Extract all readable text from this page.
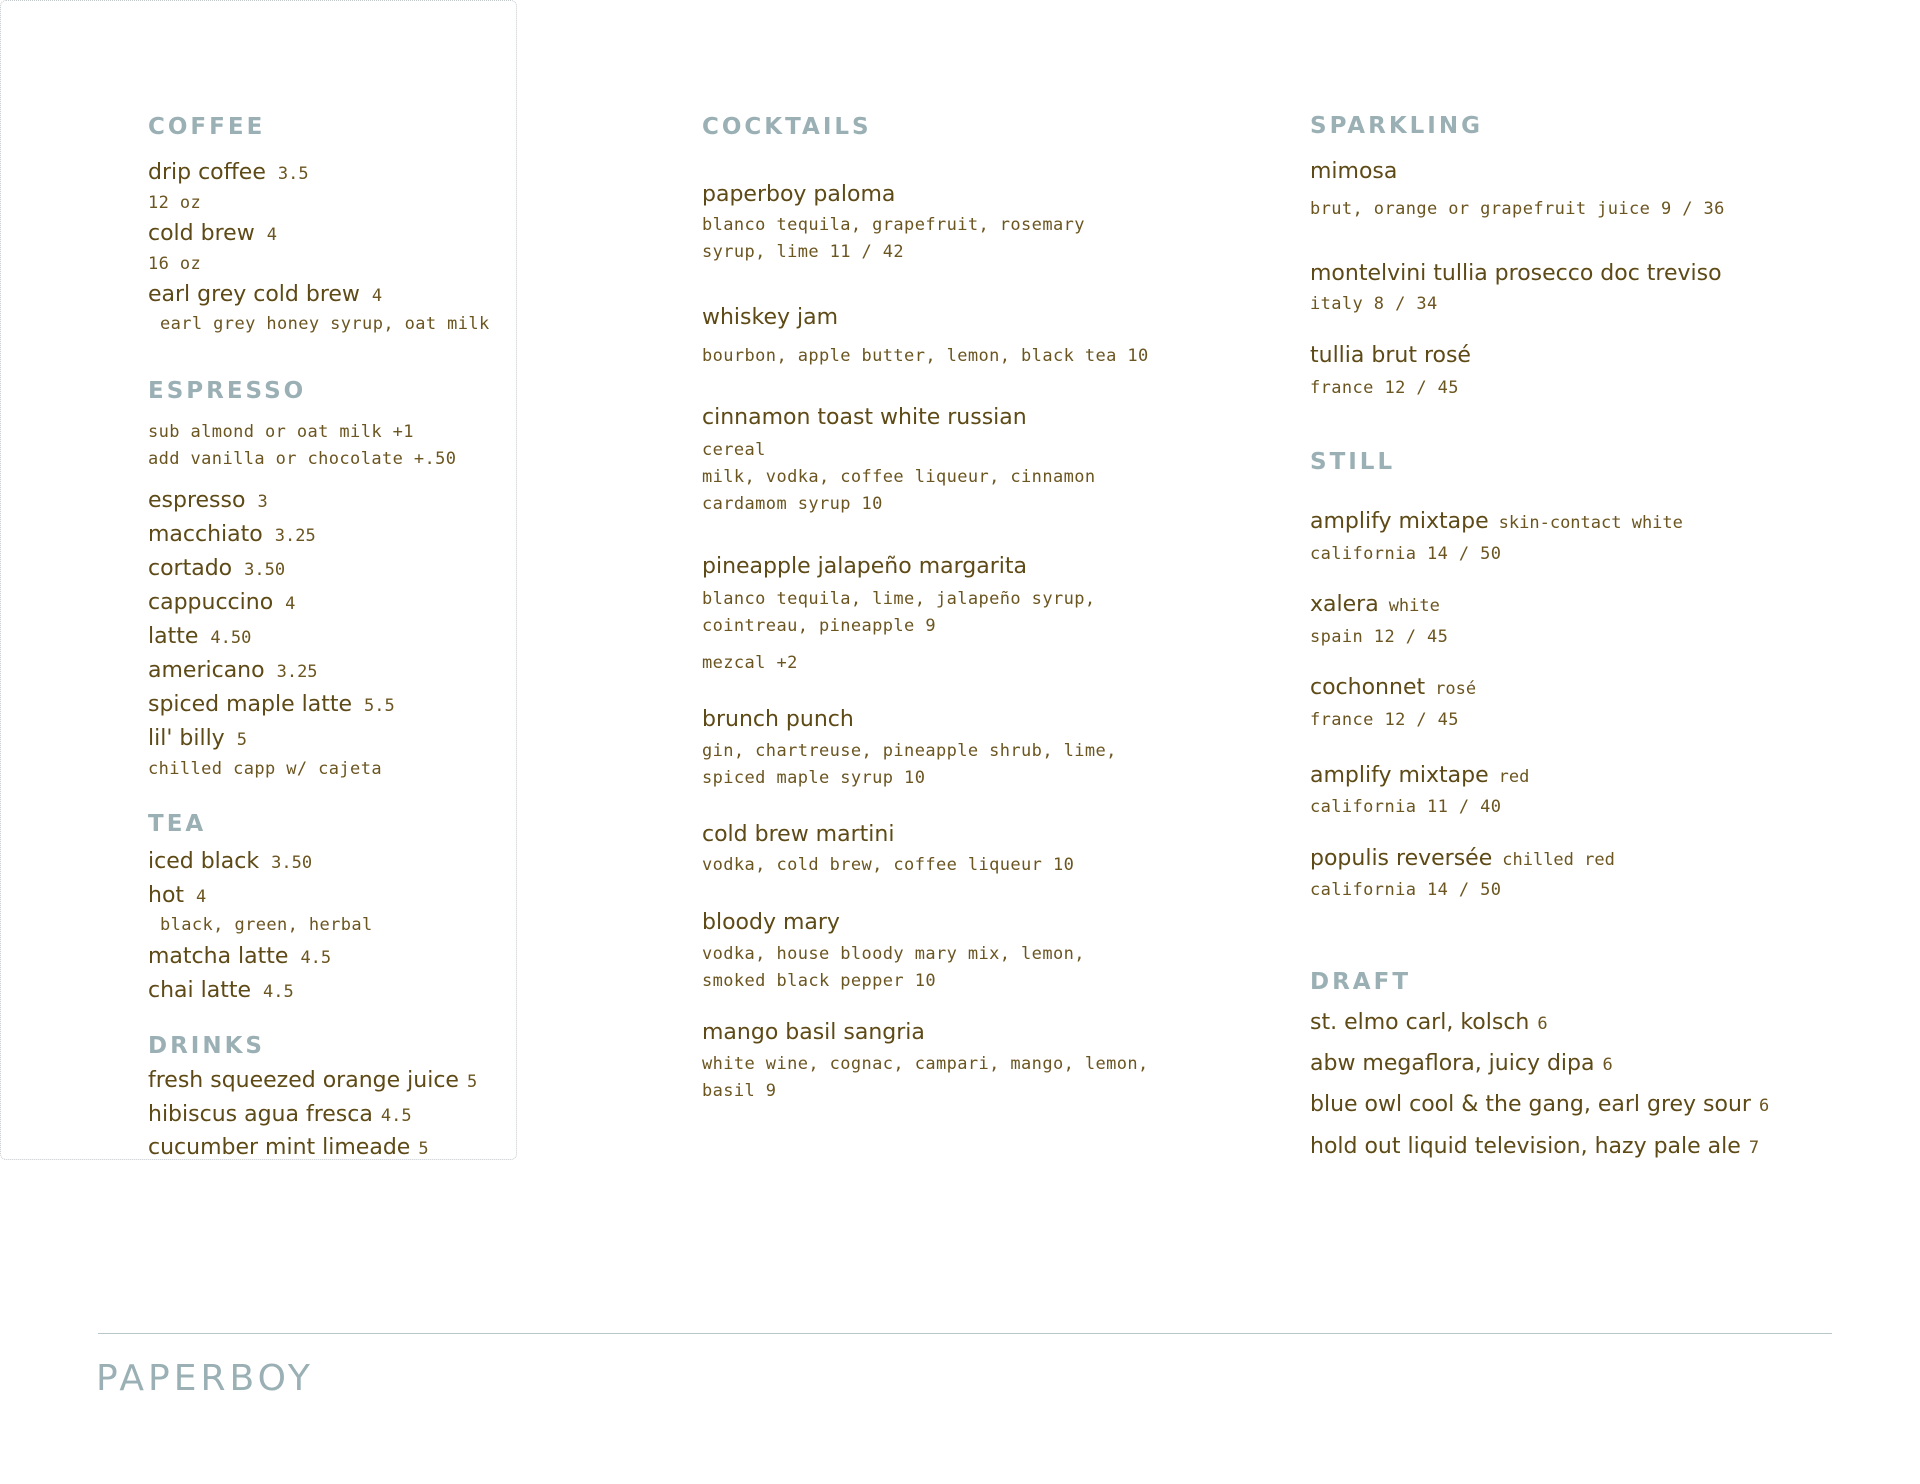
COFFEE
drip coffee 3.5
12 oz
cold brew 4
16 oz
earl grey cold brew 4
earl grey honey syrup, oat milk
ESPRESSO
sub almond or oat milk +1
add vanilla or chocolate +.50
espresso 3
macchiato 3.25
cortado 3.50
cappuccino 4
latte 4.50
americano 3.25
spiced maple latte 5.5
lil' billy 5
chilled capp w/ cajeta
TEA
iced black 3.50
hot 4
black, green, herbal
matcha latte 4.5
chai latte 4.5
DRINKS
fresh squeezed orange juice 5
hibiscus agua fresca 4.5
cucumber mint limeade 5
COCKTAILS
paperboy paloma
blanco tequila, grapefruit, rosemary
syrup, lime 11 / 42
whiskey jam
bourbon, apple butter, lemon, black tea 10
cinnamon toast white russian
cereal
milk, vodka, coffee liqueur, cinnamon
cardamom syrup 10
pineapple jalapeño margarita
blanco tequila, lime, jalapeño syrup,
cointreau, pineapple 9
mezcal +2
brunch punch
gin, chartreuse, pineapple shrub, lime,
spiced maple syrup 10
cold brew martini
vodka, cold brew, coffee liqueur 10
bloody mary
vodka, house bloody mary mix, lemon,
smoked black pepper 10
mango basil sangria
white wine, cognac, campari, mango, lemon,
basil 9
SPARKLING
mimosa
brut, orange or grapefruit juice 9 / 36
montelvini tullia prosecco doc treviso
italy 8 / 34
tullia brut rosé
france 12 / 45
STILL
amplify mixtape skin-contact white
california 14 / 50
xalera white
spain 12 / 45
cochonnet rosé
france 12 / 45
amplify mixtape red
california 11 / 40
populis reversée chilled red
california 14 / 50
DRAFT
st. elmo carl, kolsch 6
abw megaflora, juicy dipa 6
blue owl cool & the gang, earl grey sour 6
hold out liquid television, hazy pale ale 7
PAPERBOY
